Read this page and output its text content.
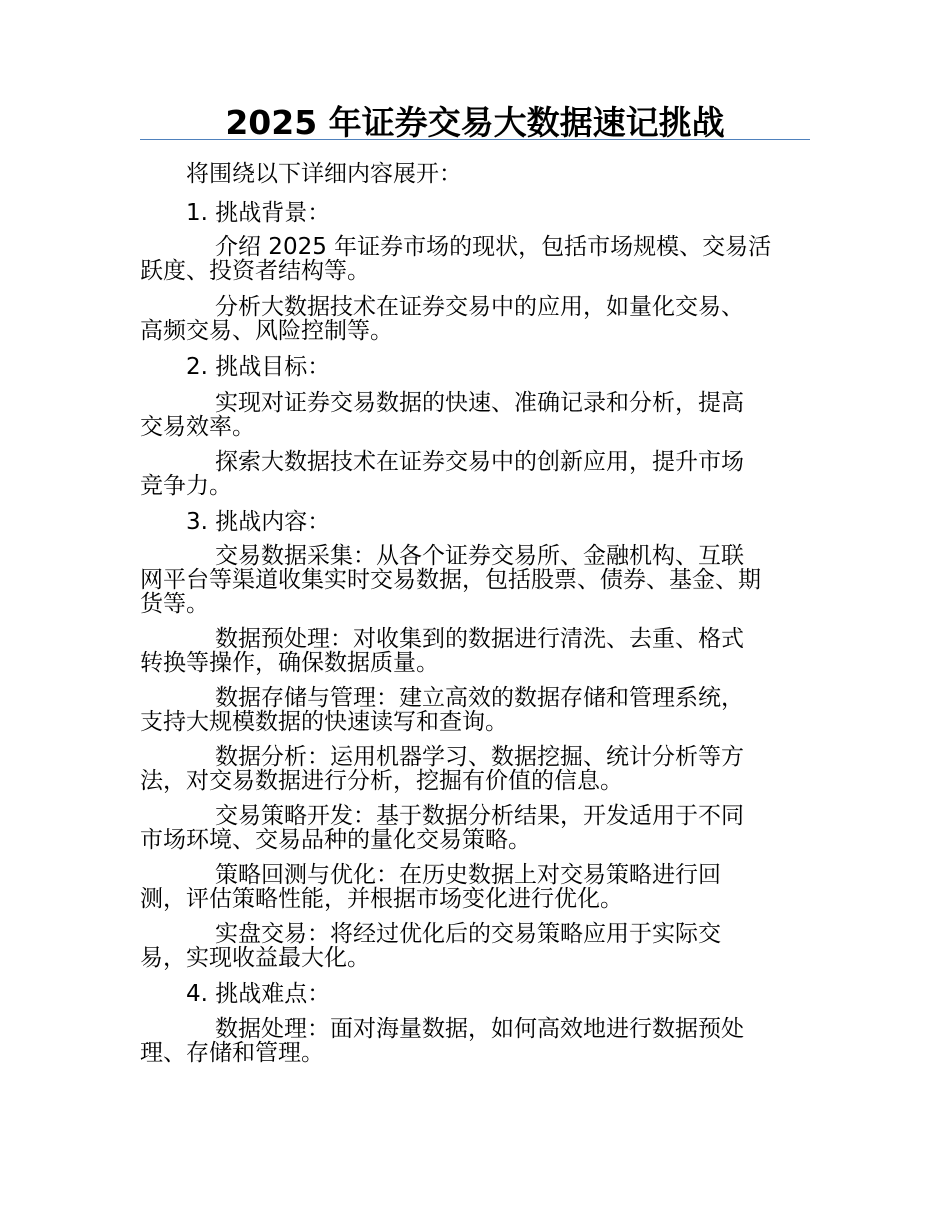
2025 年证券交易大数据速记挑战
将围绕以下详细内容展开：
1. 挑战背景：
介绍 2025 年证券市场的现状，包括市场规模、交易活
跃度、投资者结构等。
分析大数据技术在证券交易中的应用，如量化交易、
高频交易、风险控制等。
2. 挑战目标：
实现对证券交易数据的快速、准确记录和分析，提高
交易效率。
探索大数据技术在证券交易中的创新应用，提升市场
竞争力。
3. 挑战内容：
交易数据采集：从各个证券交易所、金融机构、互联
网平台等渠道收集实时交易数据，包括股票、债券、基金、期
货等。
数据预处理：对收集到的数据进行清洗、去重、格式
转换等操作，确保数据质量。
数据存储与管理：建立高效的数据存储和管理系统，
支持大规模数据的快速读写和查询。
数据分析：运用机器学习、数据挖掘、统计分析等方
法，对交易数据进行分析，挖掘有价值的信息。
交易策略开发：基于数据分析结果，开发适用于不同
市场环境、交易品种的量化交易策略。
策略回测与优化：在历史数据上对交易策略进行回
测，评估策略性能，并根据市场变化进行优化。
实盘交易：将经过优化后的交易策略应用于实际交
易，实现收益最大化。
4. 挑战难点：
数据处理：面对海量数据，如何高效地进行数据预处
理、存储和管理。
